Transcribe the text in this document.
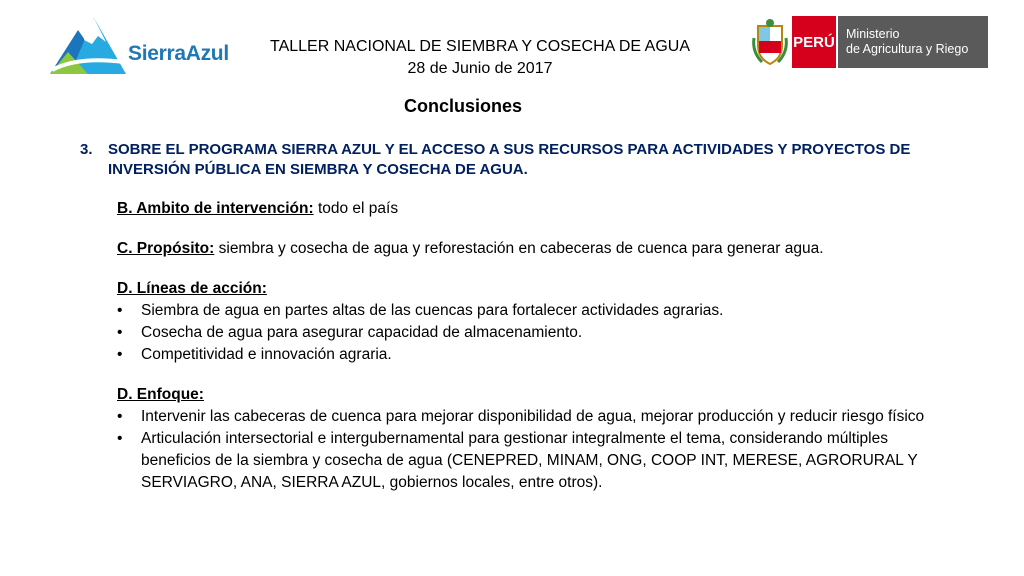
SierraAzul	TALLER NACIONAL DE SIEMBRA Y COSECHA DE AGUA
28 de Junio de 2017
PERÚ Ministerio
de Agricultura y Riego
Conclusiones
3. SOBRE EL PROGRAMA SIERRA AZUL Y EL ACCESO A SUS RECURSOS PARA ACTIVIDADES Y PROYECTOS DE INVERSIÓN PÚBLICA EN SIEMBRA Y COSECHA DE AGUA.
B. Ambito de intervención: todo el país
C. Propósito: siembra y cosecha de agua y reforestación en cabeceras de cuenca para generar agua.
D. Líneas de acción:
• Siembra de agua en partes altas de las cuencas para fortalecer actividades agrarias.
• Cosecha de agua para asegurar capacidad de almacenamiento.
• Competitividad e innovación agraria.
D. Enfoque:
• Intervenir las cabeceras de cuenca para mejorar disponibilidad de agua, mejorar producción y reducir riesgo físico
• Articulación intersectorial e intergubernamental para gestionar integralmente el tema, considerando múltiples beneficios de la siembra y cosecha de agua (CENEPRED, MINAM, ONG, COOP INT, MERESE, AGRORURAL Y SERVIAGRO, ANA, SIERRA AZUL, gobiernos locales, entre otros).
